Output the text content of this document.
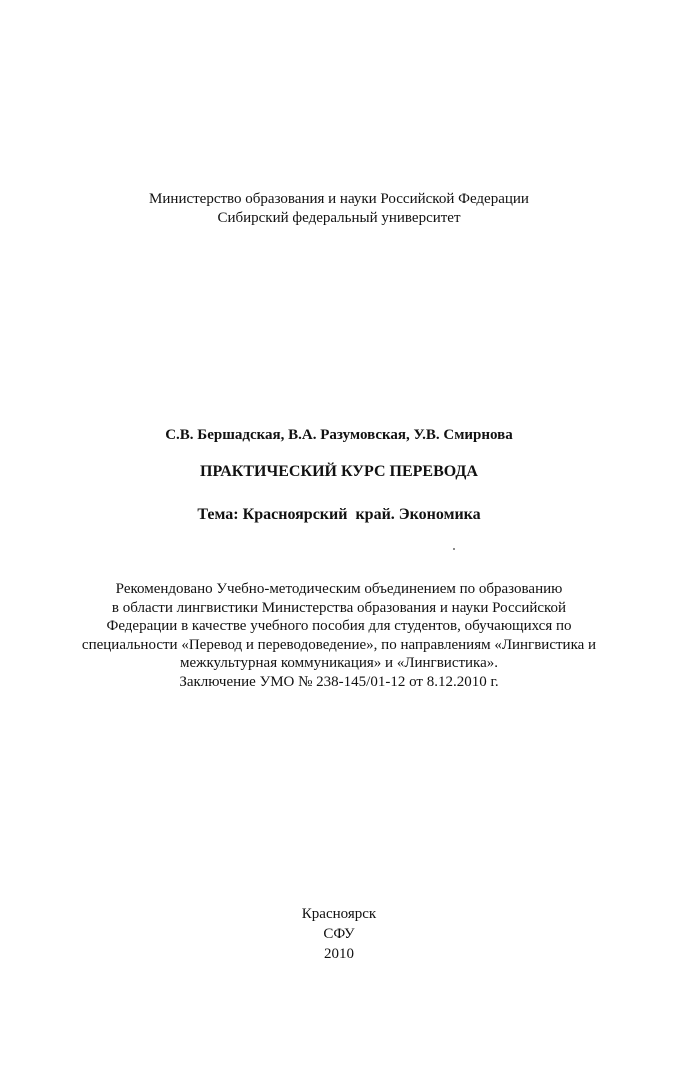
Министерство образования и науки Российской Федерации
Сибирский федеральный университет
С.В. Бершадская, В.А. Разумовская, У.В. Смирнова
ПРАКТИЧЕСКИЙ КУРС ПЕРЕВОДА
Тема: Красноярский  край. Экономика
Рекомендовано Учебно-методическим объединением по образованию
в области лингвистики Министерства образования и науки Российской
Федерации в качестве учебного пособия для студентов, обучающихся по
специальности «Перевод и переводоведение», по направлениям «Лингвистика и
межкультурная коммуникация» и «Лингвистика».
Заключение УМО № 238-145/01-12 от 8.12.2010 г.
Красноярск
СФУ
2010
